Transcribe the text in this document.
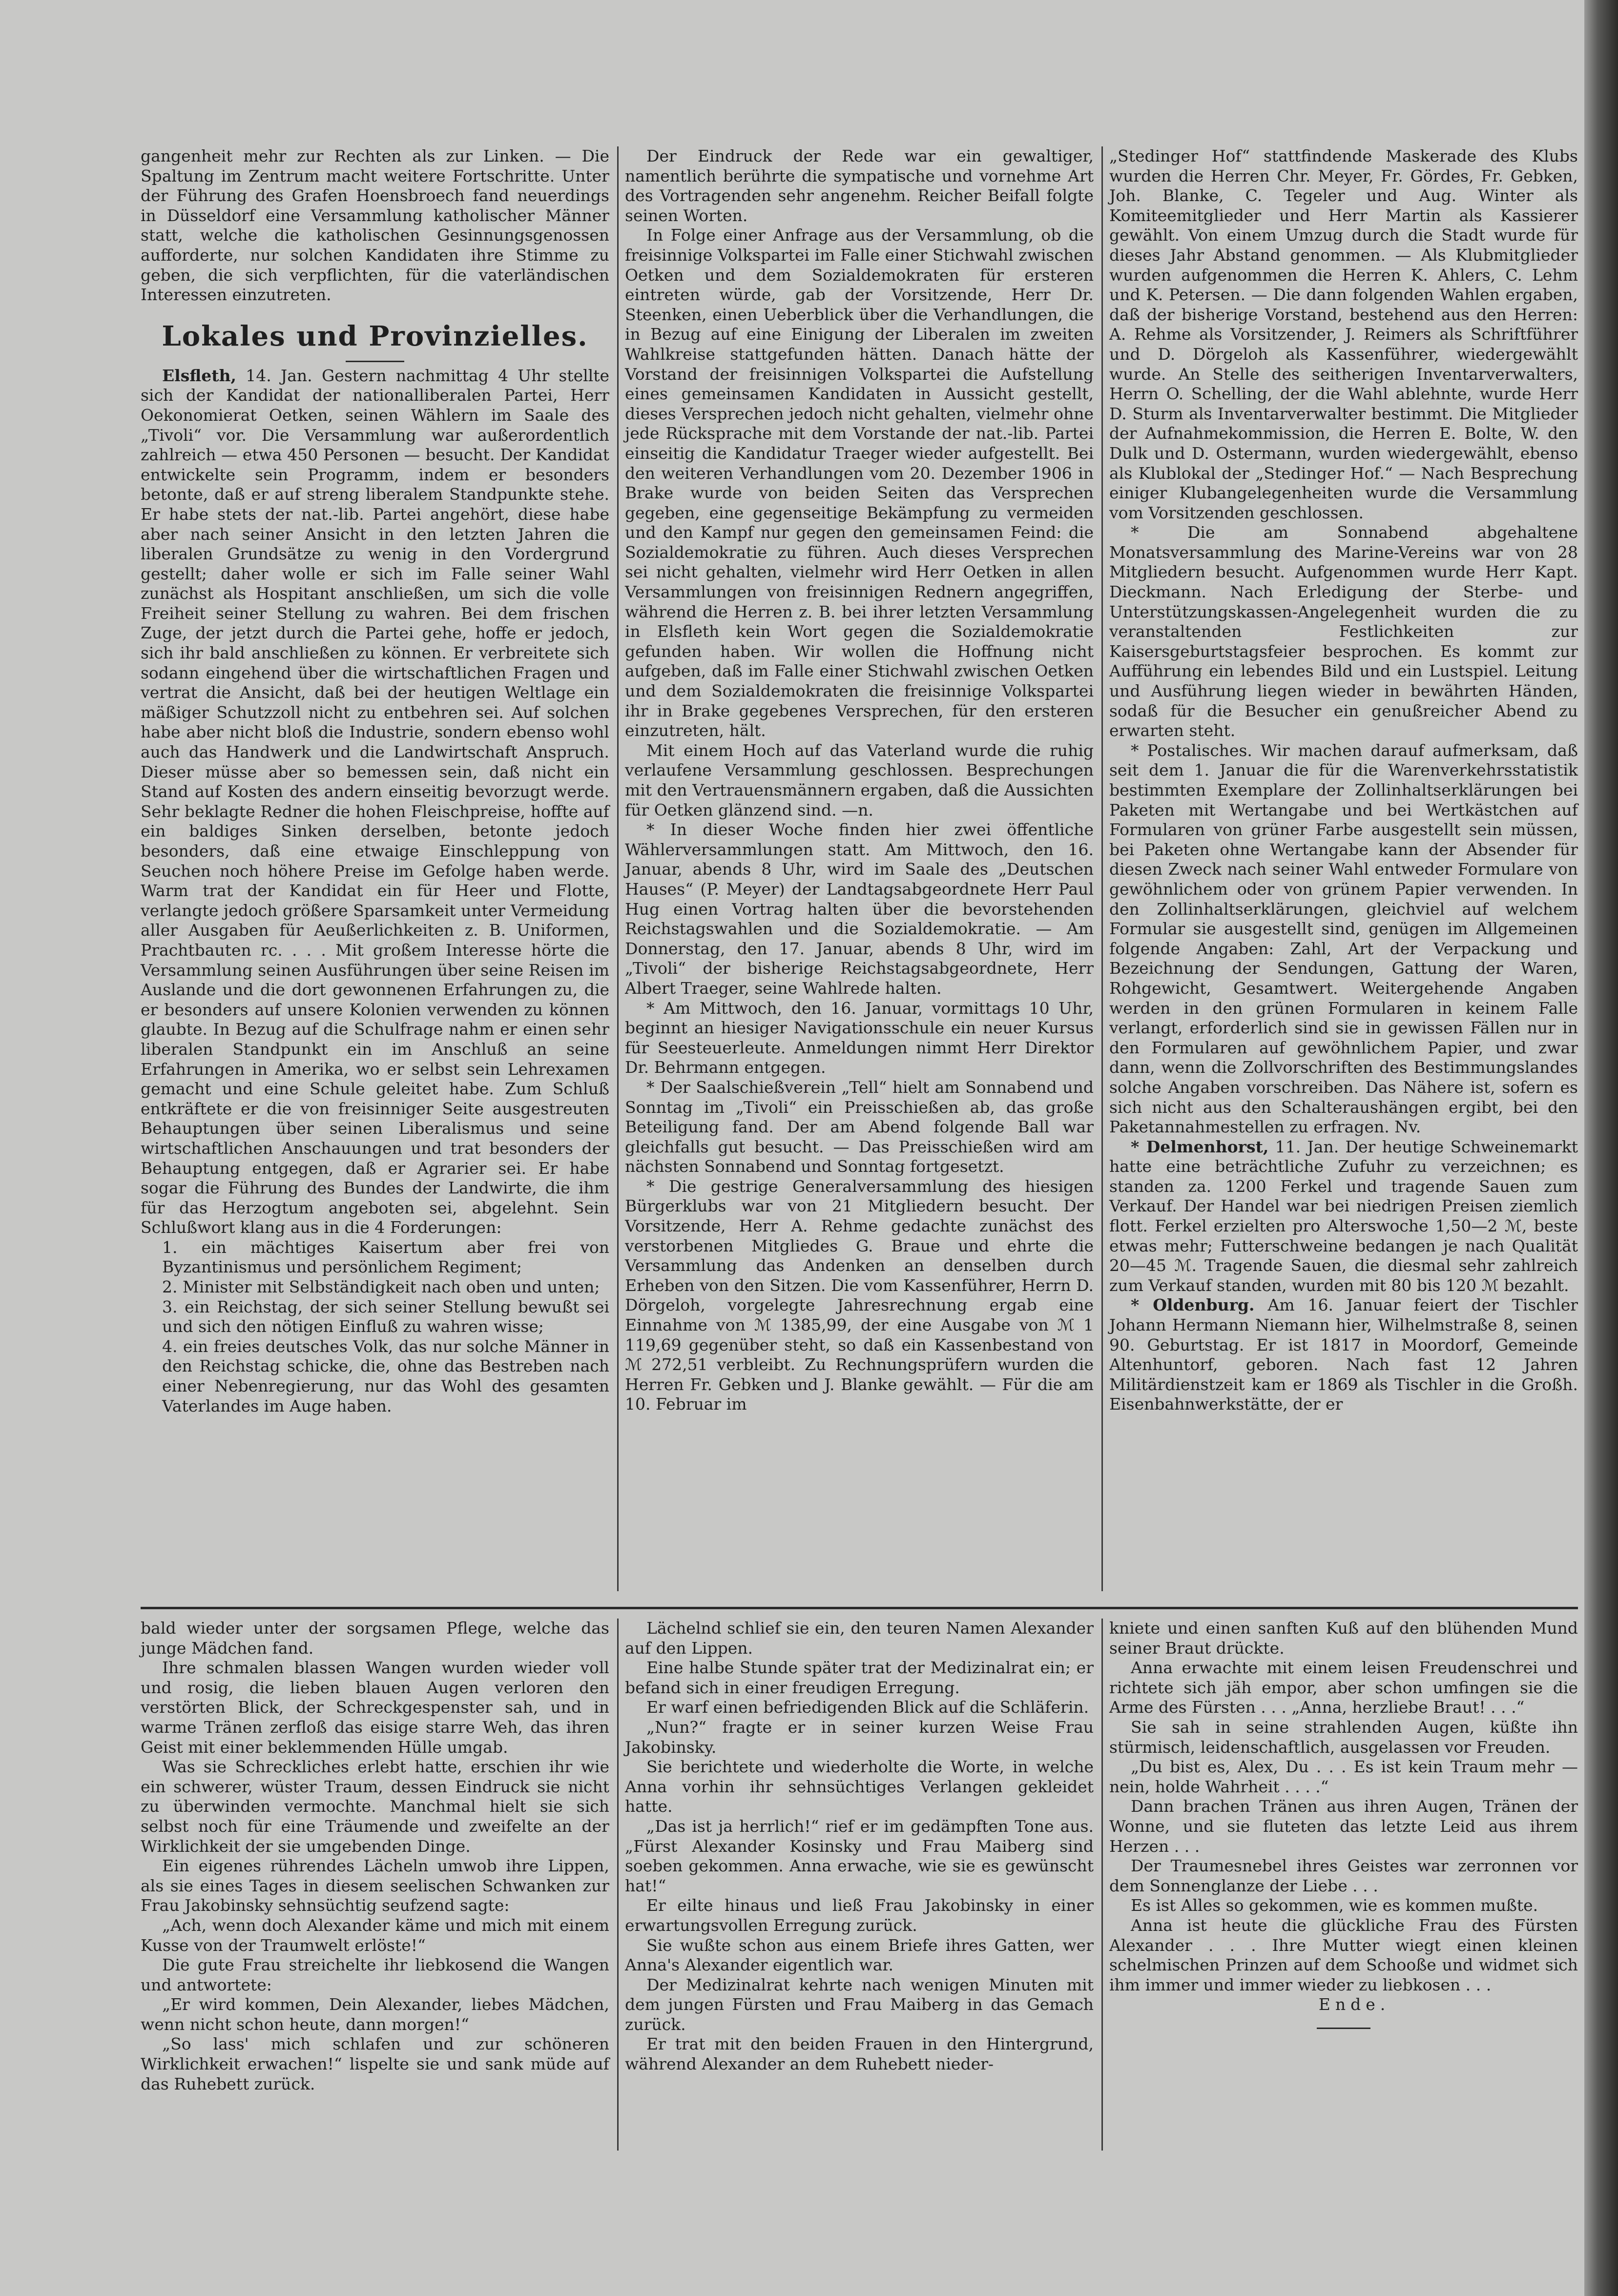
gangenheit mehr zur Rechten als zur Linken. — Die Spaltung im Zentrum macht weitere Fortschritte. Unter der Führung des Grafen Hoensbroech fand neuerdings in Düsseldorf eine Versammlung katholischer Männer statt, welche die katholischen Gesinnungsgenossen aufforderte, nur solchen Kandidaten ihre Stimme zu geben, die sich verpflichten, für die vaterländischen Interessen einzutreten.

Lokales und Provinzielles.

Elsfleth, 14. Jan. Gestern nachmittag 4 Uhr stellte sich der Kandidat der nationalliberalen Partei, Herr Oekonomierat Oetken, seinen Wählern im Saale des „Tivoli“ vor. Die Versammlung war außerordentlich zahlreich — etwa 450 Personen — besucht. Der Kandidat entwickelte sein Programm, indem er besonders betonte, daß er auf streng liberalem Standpunkte stehe. Er habe stets der nat.-lib. Partei angehört, diese habe aber nach seiner Ansicht in den letzten Jahren die liberalen Grundsätze zu wenig in den Vordergrund gestellt; daher wolle er sich im Falle seiner Wahl zunächst als Hospitant anschließen, um sich die volle Freiheit seiner Stellung zu wahren. Bei dem frischen Zuge, der jetzt durch die Partei gehe, hoffe er jedoch, sich ihr bald anschließen zu können. Er verbreitete sich sodann eingehend über die wirtschaftlichen Fragen und vertrat die Ansicht, daß bei der heutigen Weltlage ein mäßiger Schutzzoll nicht zu entbehren sei. Auf solchen habe aber nicht bloß die Industrie, sondern ebenso wohl auch das Handwerk und die Landwirtschaft Anspruch. Dieser müsse aber so bemessen sein, daß nicht ein Stand auf Kosten des andern einseitig bevorzugt werde. Sehr beklagte Redner die hohen Fleischpreise, hoffte auf ein baldiges Sinken derselben, betonte jedoch besonders, daß eine etwaige Einschleppung von Seuchen noch höhere Preise im Gefolge haben werde. Warm trat der Kandidat ein für Heer und Flotte, verlangte jedoch größere Sparsamkeit unter Vermeidung aller Ausgaben für Aeußerlichkeiten z. B. Uniformen, Prachtbauten rc. . . . Mit großem Interesse hörte die Versammlung seinen Ausführungen über seine Reisen im Auslande und die dort gewonnenen Erfahrungen zu, die er besonders auf unsere Kolonien verwenden zu können glaubte. In Bezug auf die Schulfrage nahm er einen sehr liberalen Standpunkt ein im Anschluß an seine Erfahrungen in Amerika, wo er selbst sein Lehrexamen gemacht und eine Schule geleitet habe. Zum Schluß entkräftete er die von freisinniger Seite ausgestreuten Behauptungen über seinen Liberalismus und seine wirtschaftlichen Anschauungen und trat besonders der Behauptung entgegen, daß er Agrarier sei. Er habe sogar die Führung des Bundes der Landwirte, die ihm für das Herzogtum angeboten sei, abgelehnt. Sein Schlußwort klang aus in die 4 Forderungen:

1. ein mächtiges Kaisertum aber frei von Byzantinismus und persönlichem Regiment;

2. Minister mit Selbständigkeit nach oben und unten;

3. ein Reichstag, der sich seiner Stellung bewußt sei und sich den nötigen Einfluß zu wahren wisse;

4. ein freies deutsches Volk, das nur solche Männer in den Reichstag schicke, die, ohne das Bestreben nach einer Nebenregierung, nur das Wohl des gesamten Vaterlandes im Auge haben.

Der Eindruck der Rede war ein gewaltiger, namentlich berührte die sympatische und vornehme Art des Vortragenden sehr angenehm. Reicher Beifall folgte seinen Worten.

In Folge einer Anfrage aus der Versammlung, ob die freisinnige Volkspartei im Falle einer Stichwahl zwischen Oetken und dem Sozialdemokraten für ersteren eintreten würde, gab der Vorsitzende, Herr Dr. Steenken, einen Ueberblick über die Verhandlungen, die in Bezug auf eine Einigung der Liberalen im zweiten Wahlkreise stattgefunden hätten. Danach hätte der Vorstand der freisinnigen Volkspartei die Aufstellung eines gemeinsamen Kandidaten in Aussicht gestellt, dieses Versprechen jedoch nicht gehalten, vielmehr ohne jede Rücksprache mit dem Vorstande der nat.-lib. Partei einseitig die Kandidatur Traeger wieder aufgestellt. Bei den weiteren Verhandlungen vom 20. Dezember 1906 in Brake wurde von beiden Seiten das Versprechen gegeben, eine gegenseitige Bekämpfung zu vermeiden und den Kampf nur gegen den gemeinsamen Feind: die Sozialdemokratie zu führen. Auch dieses Versprechen sei nicht gehalten, vielmehr wird Herr Oetken in allen Versammlungen von freisinnigen Rednern angegriffen, während die Herren z. B. bei ihrer letzten Versammlung in Elsfleth kein Wort gegen die Sozialdemokratie gefunden haben. Wir wollen die Hoffnung nicht aufgeben, daß im Falle einer Stichwahl zwischen Oetken und dem Sozialdemokraten die freisinnige Volkspartei ihr in Brake gegebenes Versprechen, für den ersteren einzutreten, hält.

Mit einem Hoch auf das Vaterland wurde die ruhig verlaufene Versammlung geschlossen. Besprechungen mit den Vertrauensmännern ergaben, daß die Aussichten für Oetken glänzend sind. —n.

* In dieser Woche finden hier zwei öffentliche Wählerversammlungen statt. Am Mittwoch, den 16. Januar, abends 8 Uhr, wird im Saale des „Deutschen Hauses“ (P. Meyer) der Landtagsabgeordnete Herr Paul Hug einen Vortrag halten über die bevorstehenden Reichstagswahlen und die Sozialdemokratie. — Am Donnerstag, den 17. Januar, abends 8 Uhr, wird im „Tivoli“ der bisherige Reichstagsabgeordnete, Herr Albert Traeger, seine Wahlrede halten.

* Am Mittwoch, den 16. Januar, vormittags 10 Uhr, beginnt an hiesiger Navigationsschule ein neuer Kursus für Seesteuerleute. Anmeldungen nimmt Herr Direktor Dr. Behrmann entgegen.

* Der Saalschießverein „Tell“ hielt am Sonnabend und Sonntag im „Tivoli“ ein Preisschießen ab, das große Beteiligung fand. Der am Abend folgende Ball war gleichfalls gut besucht. — Das Preisschießen wird am nächsten Sonnabend und Sonntag fortgesetzt.

* Die gestrige Generalversammlung des hiesigen Bürgerklubs war von 21 Mitgliedern besucht. Der Vorsitzende, Herr A. Rehme gedachte zunächst des verstorbenen Mitgliedes G. Braue und ehrte die Versammlung das Andenken an denselben durch Erheben von den Sitzen. Die vom Kassenführer, Herrn D. Dörgeloh, vorgelegte Jahresrechnung ergab eine Einnahme von ℳ 1385,99, der eine Ausgabe von ℳ 1 119,69 gegenüber steht, so daß ein Kassenbestand von ℳ 272,51 verbleibt. Zu Rechnungsprüfern wurden die Herren Fr. Gebken und J. Blanke gewählt. — Für die am 10. Februar im

„Stedinger Hof“ stattfindende Maskerade des Klubs wurden die Herren Chr. Meyer, Fr. Gördes, Fr. Gebken, Joh. Blanke, C. Tegeler und Aug. Winter als Komiteemitglieder und Herr Martin als Kassierer gewählt. Von einem Umzug durch die Stadt wurde für dieses Jahr Abstand genommen. — Als Klubmitglieder wurden aufgenommen die Herren K. Ahlers, C. Lehm und K. Petersen. — Die dann folgenden Wahlen ergaben, daß der bisherige Vorstand, bestehend aus den Herren: A. Rehme als Vorsitzender, J. Reimers als Schriftführer und D. Dörgeloh als Kassenführer, wiedergewählt wurde. An Stelle des seitherigen Inventarverwalters, Herrn O. Schelling, der die Wahl ablehnte, wurde Herr D. Sturm als Inventarverwalter bestimmt. Die Mitglieder der Aufnahmekommission, die Herren E. Bolte, W. den Dulk und D. Ostermann, wurden wiedergewählt, ebenso als Klublokal der „Stedinger Hof.“ — Nach Besprechung einiger Klubangelegenheiten wurde die Versammlung vom Vorsitzenden geschlossen.

* Die am Sonnabend abgehaltene Monatsversammlung des Marine-Vereins war von 28 Mitgliedern besucht. Aufgenommen wurde Herr Kapt. Dieckmann. Nach Erledigung der Sterbe- und Unterstützungskassen-Angelegenheit wurden die zu veranstaltenden Festlichkeiten zur Kaisersgeburtstagsfeier besprochen. Es kommt zur Aufführung ein lebendes Bild und ein Lustspiel. Leitung und Ausführung liegen wieder in bewährten Händen, sodaß für die Besucher ein genußreicher Abend zu erwarten steht.

* Postalisches. Wir machen darauf aufmerksam, daß seit dem 1. Januar die für die Warenverkehrsstatistik bestimmten Exemplare der Zollinhaltserklärungen bei Paketen mit Wertangabe und bei Wertkästchen auf Formularen von grüner Farbe ausgestellt sein müssen, bei Paketen ohne Wertangabe kann der Absender für diesen Zweck nach seiner Wahl entweder Formulare von gewöhnlichem oder von grünem Papier verwenden. In den Zollinhaltserklärungen, gleichviel auf welchem Formular sie ausgestellt sind, genügen im Allgemeinen folgende Angaben: Zahl, Art der Verpackung und Bezeichnung der Sendungen, Gattung der Waren, Rohgewicht, Gesamtwert. Weitergehende Angaben werden in den grünen Formularen in keinem Falle verlangt, erforderlich sind sie in gewissen Fällen nur in den Formularen auf gewöhnlichem Papier, und zwar dann, wenn die Zollvorschriften des Bestimmungslandes solche Angaben vorschreiben. Das Nähere ist, sofern es sich nicht aus den Schalteraushängen ergibt, bei den Paketannahmestellen zu erfragen. Nv.

* Delmenhorst, 11. Jan. Der heutige Schweinemarkt hatte eine beträchtliche Zufuhr zu verzeichnen; es standen za. 1200 Ferkel und tragende Sauen zum Verkauf. Der Handel war bei niedrigen Preisen ziemlich flott. Ferkel erzielten pro Alterswoche 1,50—2 ℳ, beste etwas mehr; Futterschweine bedangen je nach Qualität 20—45 ℳ. Tragende Sauen, die diesmal sehr zahlreich zum Verkauf standen, wurden mit 80 bis 120 ℳ bezahlt.

* Oldenburg. Am 16. Januar feiert der Tischler Johann Hermann Niemann hier, Wilhelmstraße 8, seinen 90. Geburtstag. Er ist 1817 in Moordorf, Gemeinde Altenhuntorf, geboren. Nach fast 12 Jahren Militärdienstzeit kam er 1869 als Tischler in die Großh. Eisenbahnwerkstätte, der er

bald wieder unter der sorgsamen Pflege, welche das junge Mädchen fand.

Ihre schmalen blassen Wangen wurden wieder voll und rosig, die lieben blauen Augen verloren den verstörten Blick, der Schreckgespenster sah, und in warme Tränen zerfloß das eisige starre Weh, das ihren Geist mit einer beklemmenden Hülle umgab.

Was sie Schreckliches erlebt hatte, erschien ihr wie ein schwerer, wüster Traum, dessen Eindruck sie nicht zu überwinden vermochte. Manchmal hielt sie sich selbst noch für eine Träumende und zweifelte an der Wirklichkeit der sie umgebenden Dinge.

Ein eigenes rührendes Lächeln umwob ihre Lippen, als sie eines Tages in diesem seelischen Schwanken zur Frau Jakobinsky sehnsüchtig seufzend sagte:

„Ach, wenn doch Alexander käme und mich mit einem Kusse von der Traumwelt erlöste!“

Die gute Frau streichelte ihr liebkosend die Wangen und antwortete:

„Er wird kommen, Dein Alexander, liebes Mädchen, wenn nicht schon heute, dann morgen!“

„So lass' mich schlafen und zur schöneren Wirklichkeit erwachen!“ lispelte sie und sank müde auf das Ruhebett zurück.

Lächelnd schlief sie ein, den teuren Namen Alexander auf den Lippen.

Eine halbe Stunde später trat der Medizinalrat ein; er befand sich in einer freudigen Erregung.

Er warf einen befriedigenden Blick auf die Schläferin.

„Nun?“ fragte er in seiner kurzen Weise Frau Jakobinsky.

Sie berichtete und wiederholte die Worte, in welche Anna vorhin ihr sehnsüchtiges Verlangen gekleidet hatte.

„Das ist ja herrlich!“ rief er im gedämpften Tone aus. „Fürst Alexander Kosinsky und Frau Maiberg sind soeben gekommen. Anna erwache, wie sie es gewünscht hat!“

Er eilte hinaus und ließ Frau Jakobinsky in einer erwartungsvollen Erregung zurück.

Sie wußte schon aus einem Briefe ihres Gatten, wer Anna's Alexander eigentlich war.

Der Medizinalrat kehrte nach wenigen Minuten mit dem jungen Fürsten und Frau Maiberg in das Gemach zurück.

Er trat mit den beiden Frauen in den Hintergrund, während Alexander an dem Ruhebett nieder-

kniete und einen sanften Kuß auf den blühenden Mund seiner Braut drückte.

Anna erwachte mit einem leisen Freudenschrei und richtete sich jäh empor, aber schon umfingen sie die Arme des Fürsten . . . „Anna, herzliebe Braut! . . .“

Sie sah in seine strahlenden Augen, küßte ihn stürmisch, leidenschaftlich, ausgelassen vor Freuden.

„Du bist es, Alex, Du . . . Es ist kein Traum mehr — nein, holde Wahrheit . . . .“

Dann brachen Tränen aus ihren Augen, Tränen der Wonne, und sie fluteten das letzte Leid aus ihrem Herzen . . .

Der Traumesnebel ihres Geistes war zerronnen vor dem Sonnenglanze der Liebe . . .

Es ist Alles so gekommen, wie es kommen mußte.

Anna ist heute die glückliche Frau des Fürsten Alexander . . . Ihre Mutter wiegt einen kleinen schelmischen Prinzen auf dem Schooße und widmet sich ihm immer und immer wieder zu liebkosen . . .

Ende.
